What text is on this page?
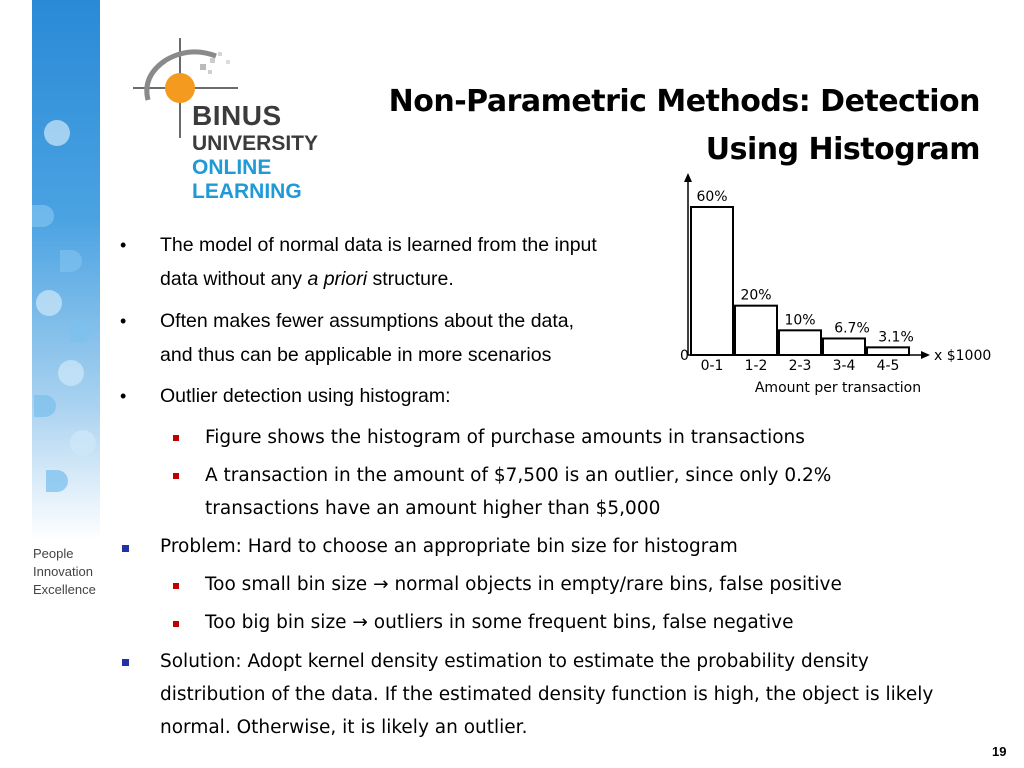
BINUS
UNIVERSITY
ONLINE
LEARNING
People
Innovation
Excellence
Non-Parametric Methods: Detection
Using Histogram
60%
20%
10%
6.7%
3.1%
0-1 1-2 2-3 3-4 4-5
0	x $1000
Amount per transaction
• The model of normal data is learned from the input
data without any a priori structure.
• Often makes fewer assumptions about the data,
and thus can be applicable in more scenarios
• Outlier detection using histogram:
Figure shows the histogram of purchase amounts in transactions
A transaction in the amount of $7,500 is an outlier, since only 0.2%
transactions have an amount higher than $5,000
Problem: Hard to choose an appropriate bin size for histogram
Too small bin size → normal objects in empty/rare bins, false positive
Too big bin size → outliers in some frequent bins, false negative
Solution: Adopt kernel density estimation to estimate the probability density
distribution of the data. If the estimated density function is high, the object is likely
normal. Otherwise, it is likely an outlier.
19
